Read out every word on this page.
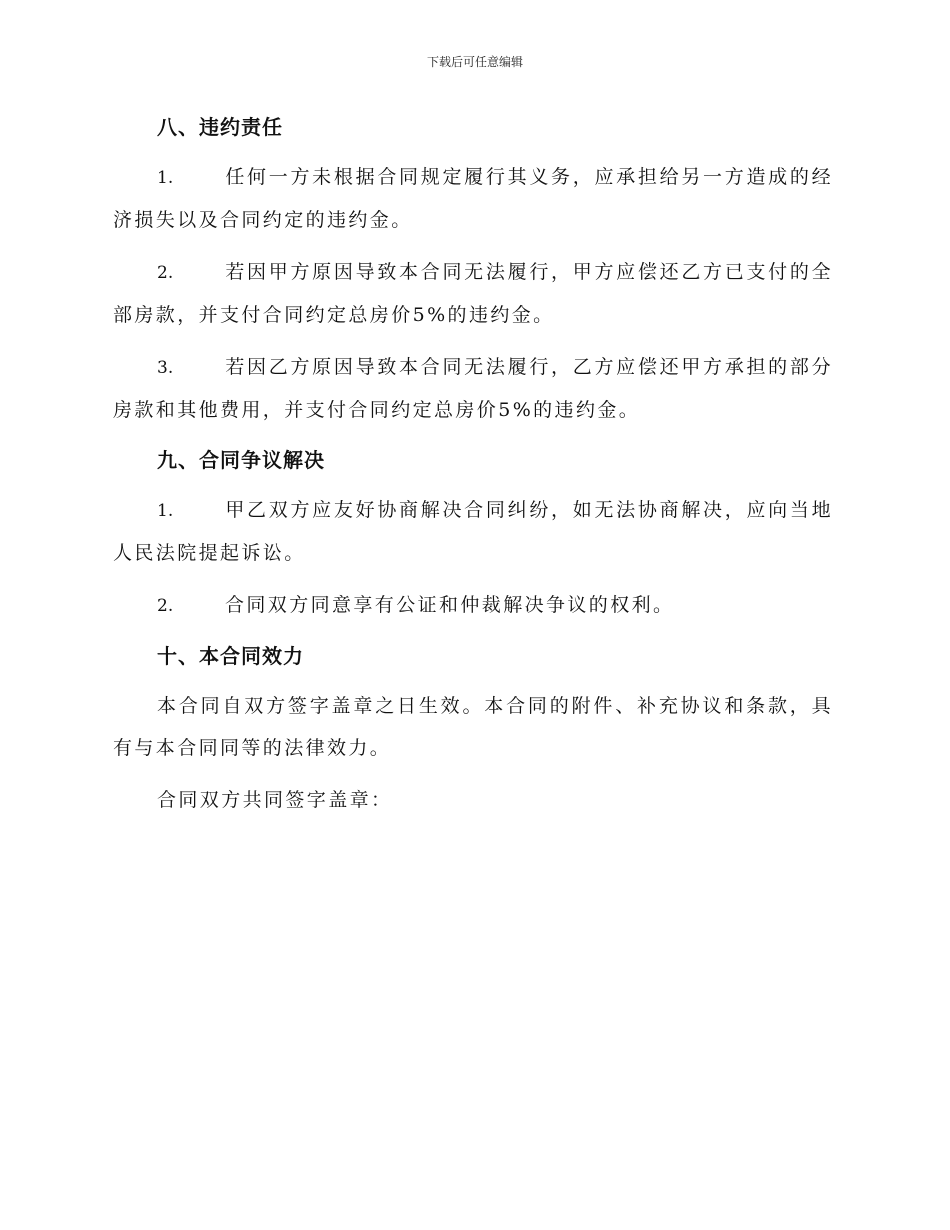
下载后可任意编辑
八、违约责任

1.	任何一方未根据合同规定履行其义务，应承担给另一方造成的经济损失以及合同约定的违约金。

2.	若因甲方原因导致本合同无法履行，甲方应偿还乙方已支付的全部房款，并支付合同约定总房价5%的违约金。

3.	若因乙方原因导致本合同无法履行，乙方应偿还甲方承担的部分房款和其他费用，并支付合同约定总房价5%的违约金。

九、合同争议解决

1.	甲乙双方应友好协商解决合同纠纷，如无法协商解决，应向当地人民法院提起诉讼。

2.	合同双方同意享有公证和仲裁解决争议的权利。

十、本合同效力

本合同自双方签字盖章之日生效。本合同的附件、补充协议和条款，具有与本合同同等的法律效力。

合同双方共同签字盖章：
